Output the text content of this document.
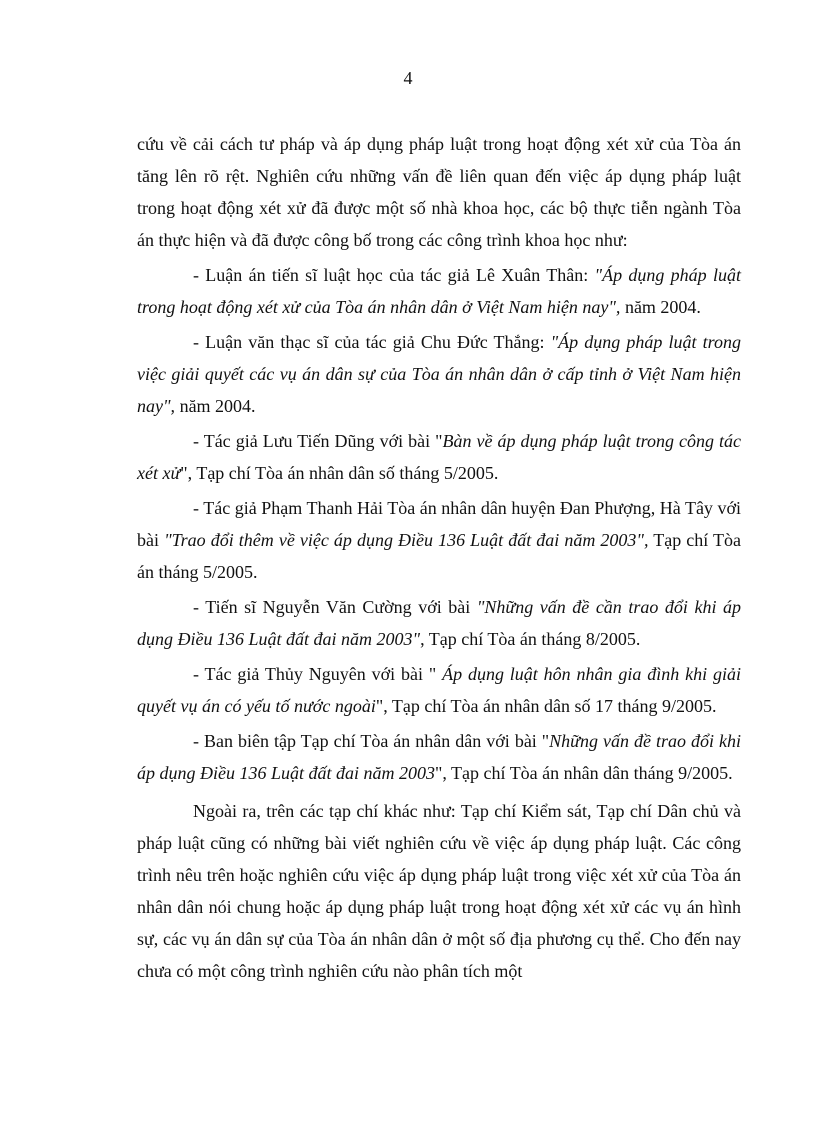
4

cứu về cải cách tư pháp và áp dụng pháp luật trong hoạt động xét xử của Tòa án tăng lên rõ rệt. Nghiên cứu những vấn đề liên quan đến việc áp dụng pháp luật trong hoạt động xét xử đã được một số nhà khoa học, các bộ thực tiễn ngành Tòa án thực hiện và đã được công bố trong các công trình khoa học như:

- Luận án tiến sĩ luật học của tác giả Lê Xuân Thân: "Áp dụng pháp luật trong hoạt động xét xử của Tòa án nhân dân ở Việt Nam hiện nay", năm 2004.

- Luận văn thạc sĩ của tác giả Chu Đức Thắng: "Áp dụng pháp luật trong việc giải quyết các vụ án dân sự của Tòa án nhân dân ở cấp tỉnh ở Việt Nam hiện nay", năm 2004.

- Tác giả Lưu Tiến Dũng với bài "Bàn về áp dụng pháp luật trong công tác xét xử", Tạp chí Tòa án nhân dân số tháng 5/2005.

- Tác giả Phạm Thanh Hải Tòa án nhân dân huyện Đan Phượng, Hà Tây với bài "Trao đổi thêm về việc áp dụng Điều 136 Luật đất đai năm 2003", Tạp chí Tòa án tháng 5/2005.

- Tiến sĩ Nguyễn Văn Cường với bài "Những vấn đề cần trao đổi khi áp dụng Điều 136 Luật đất đai năm 2003", Tạp chí Tòa án tháng 8/2005.

- Tác giả Thủy Nguyên với bài " Áp dụng luật hôn nhân gia đình khi giải quyết vụ án có yếu tố nước ngoài", Tạp chí Tòa án nhân dân số 17 tháng 9/2005.

- Ban biên tập Tạp chí Tòa án nhân dân với bài "Những vấn đề trao đổi khi áp dụng Điều 136 Luật đất đai năm 2003", Tạp chí Tòa án nhân dân tháng 9/2005.

Ngoài ra, trên các tạp chí khác như: Tạp chí Kiểm sát, Tạp chí Dân chủ và pháp luật cũng có những bài viết nghiên cứu về việc áp dụng pháp luật. Các công trình nêu trên hoặc nghiên cứu việc áp dụng pháp luật trong việc xét xử của Tòa án nhân dân nói chung hoặc áp dụng pháp luật trong hoạt động xét xử các vụ án hình sự, các vụ án dân sự của Tòa án nhân dân ở một số địa phương cụ thể. Cho đến nay chưa có một công trình nghiên cứu nào phân tích một
